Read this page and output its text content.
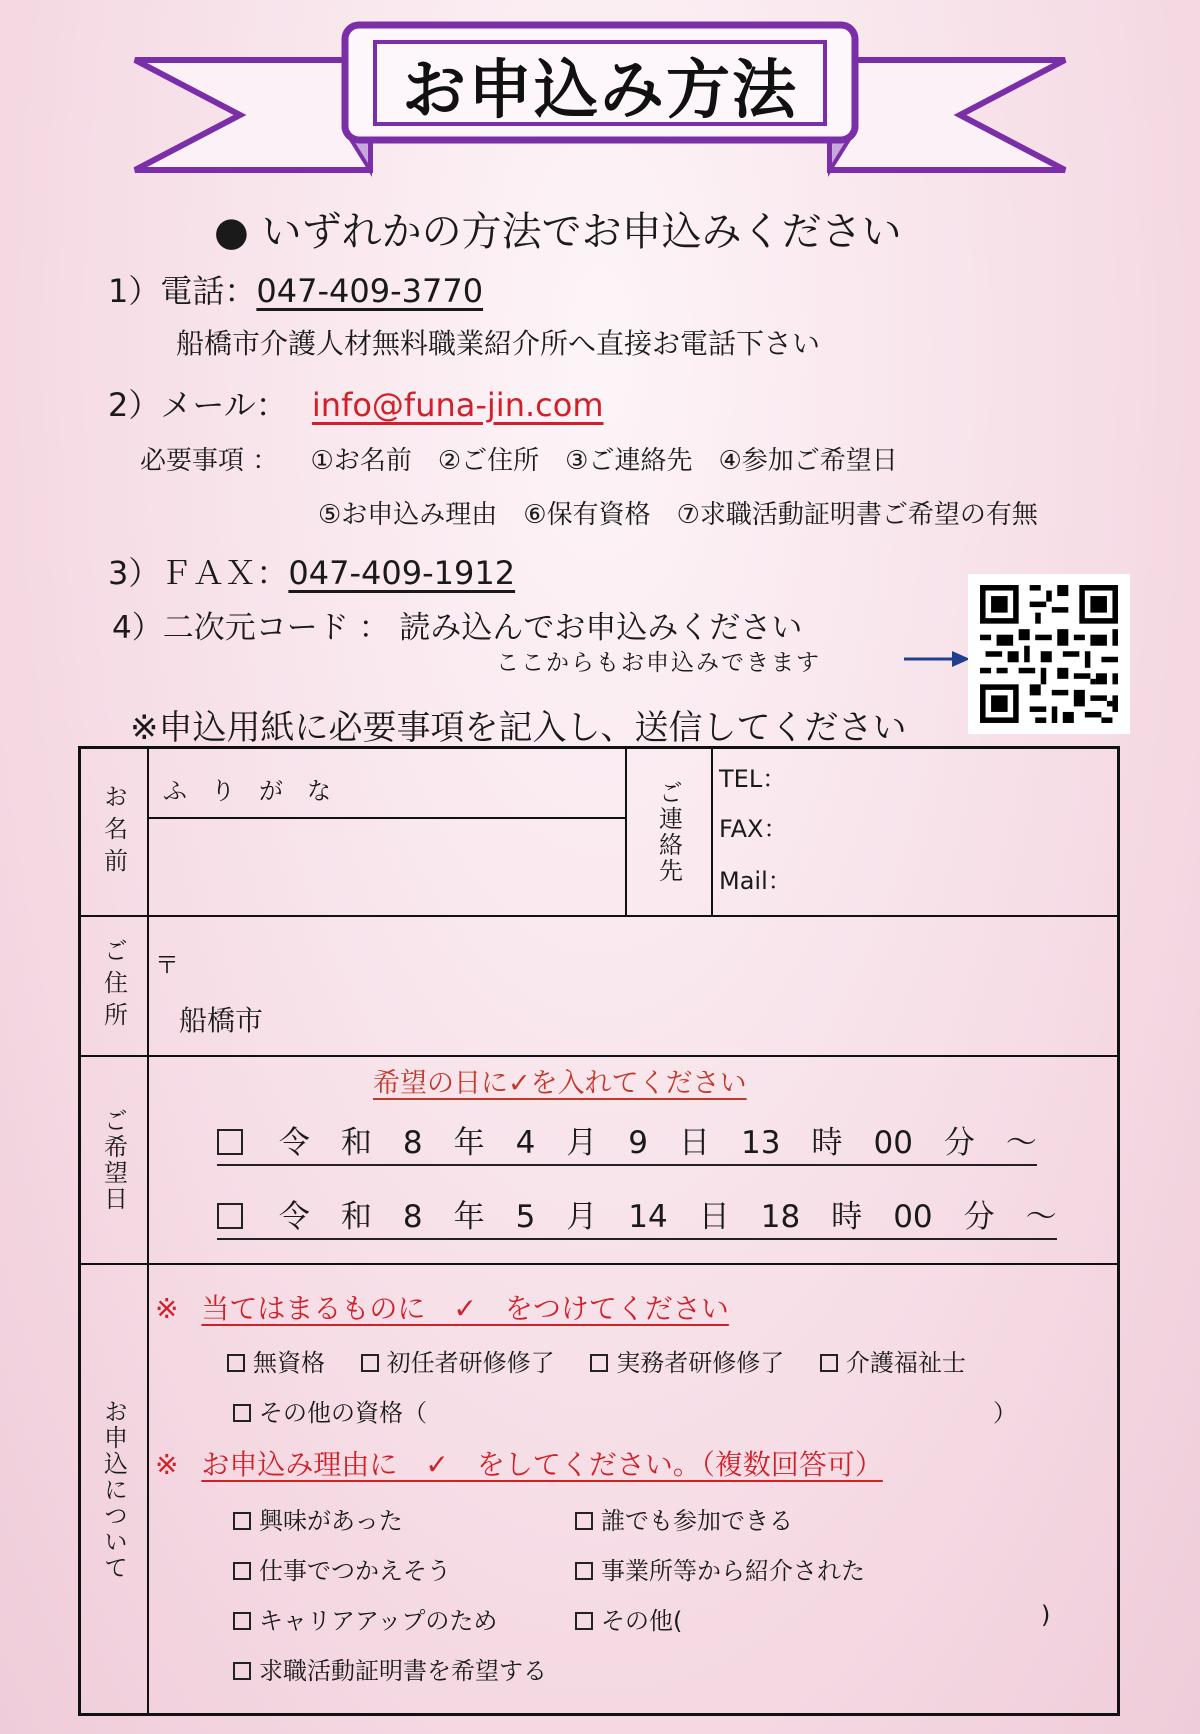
お申込み方法
● いずれかの方法でお申込みください
1）電話：047-409-3770
船橋市介護人材無料職業紹介所へ直接お電話下さい
2）メール： info@funa-jin.com
必要事項 ： ①お名前　②ご住所　③ご連絡先　④参加ご希望日
⑤お申込み理由　⑥保有資格　⑦求職活動証明書ご希望の有無
3）ＦＡＸ：047-409-1912
4）二次元コード ： 読み込んでお申込みください
ここからもお申込みできます
※申込用紙に必要事項を記入し、送信してください
お名前	ふ　り　が　な	ご連絡先
TEL：
FAX：
Mail：
ご住所	〒
船橋市
ご希望日
希望の日に✓を入れてください
令　和　8　年　4　月　9　日　13　時　00　分　～
令　和　8　年　5　月　14　日　18　時　00　分　～
お申込について
※ 当てはまるものに　✓　をつけてください
無資格	初任者研修修了	実務者研修修了	介護福祉士
その他の資格（	）
※ お申込み理由に　✓　をしてください。（複数回答可）
興味があった
仕事でつかえそう
キャリアアップのため
求職活動証明書を希望する
誰でも参加できる
事業所等から紹介された
その他(	)
